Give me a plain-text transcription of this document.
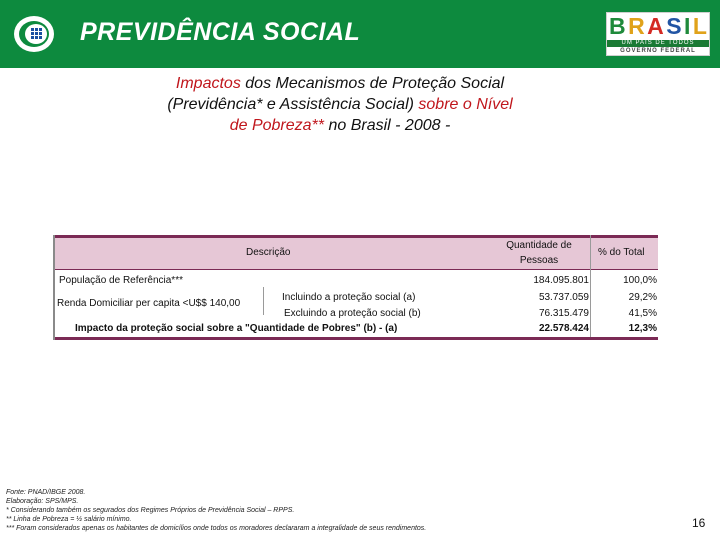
PREVIDÊNCIA SOCIAL	B R A S I L
UM PAÍS DE TODOS
GOVERNO FEDERAL
Impactos dos Mecanismos de Proteção Social
(Previdência* e Assistência Social) sobre o Nível
de Pobreza** no Brasil - 2008 -
Descrição
Quantidade de
Pessoas
% do Total
População de Referência***	184.095.801	100,0%
Renda Domiciliar per capita <U$$ 140,00
Incluindo a proteção social (a)	53.737.059	29,2%
Excluindo a proteção social (b)	76.315.479	41,5%
Impacto da proteção social sobre a "Quantidade de Pobres" (b) - (a)	22.578.424	12,3%
Fonte: PNAD/IBGE 2008.
Elaboração: SPS/MPS.
* Considerando também os segurados dos Regimes Próprios de Previdência Social – RPPS.
** Linha de Pobreza = ½ salário mínimo.
*** Foram considerados apenas os habitantes de domicílios onde todos os moradores declararam a integralidade de seus rendimentos.	16
